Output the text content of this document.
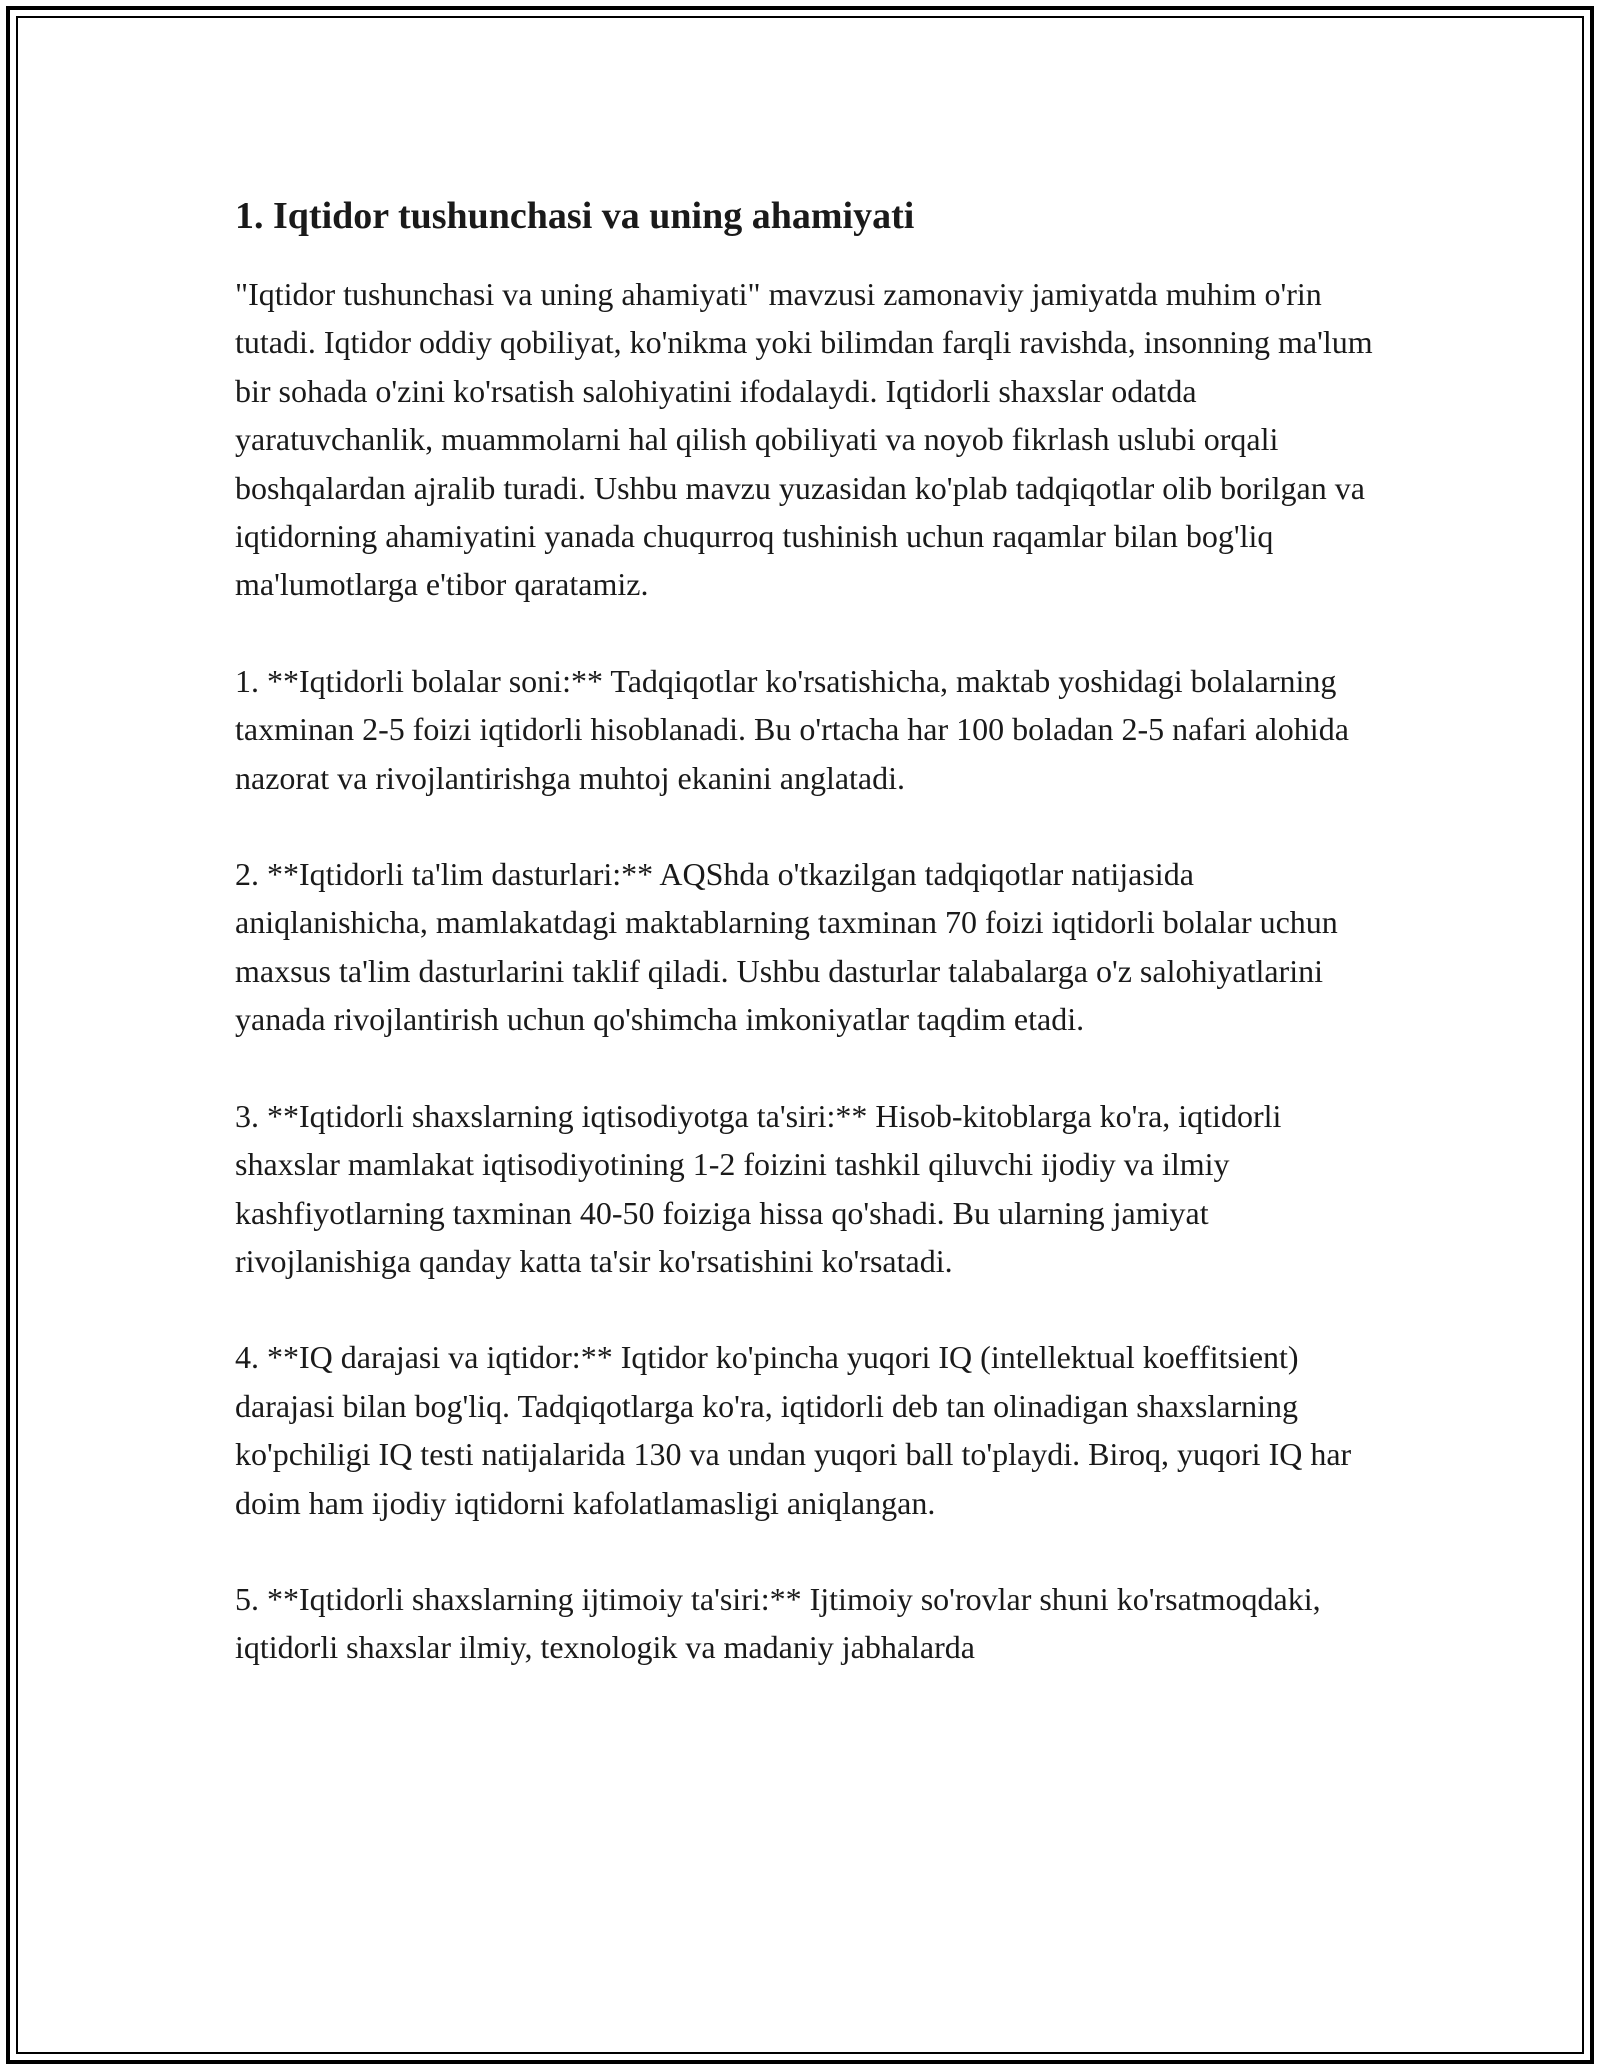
1. Iqtidor tushunchasi va uning ahamiyati

"Iqtidor tushunchasi va uning ahamiyati" mavzusi zamonaviy jamiyatda muhim o'rin tutadi. Iqtidor oddiy qobiliyat, ko'nikma yoki bilimdan farqli ravishda, insonning ma'lum bir sohada o'zini ko'rsatish salohiyatini ifodalaydi. Iqtidorli shaxslar odatda yaratuvchanlik, muammolarni hal qilish qobiliyati va noyob fikrlash uslubi orqali boshqalardan ajralib turadi. Ushbu mavzu yuzasidan ko'plab tadqiqotlar olib borilgan va iqtidorning ahamiyatini yanada chuqurroq tushinish uchun raqamlar bilan bog'liq ma'lumotlarga e'tibor qaratamiz.

1. **Iqtidorli bolalar soni:** Tadqiqotlar ko'rsatishicha, maktab yoshidagi bolalarning taxminan 2-5 foizi iqtidorli hisoblanadi. Bu o'rtacha har 100 boladan 2-5 nafari alohida nazorat va rivojlantirishga muhtoj ekanini anglatadi.

2. **Iqtidorli ta'lim dasturlari:** AQShda o'tkazilgan tadqiqotlar natijasida aniqlanishicha, mamlakatdagi maktablarning taxminan 70 foizi iqtidorli bolalar uchun maxsus ta'lim dasturlarini taklif qiladi. Ushbu dasturlar talabalarga o'z salohiyatlarini yanada rivojlantirish uchun qo'shimcha imkoniyatlar taqdim etadi.

3. **Iqtidorli shaxslarning iqtisodiyotga ta'siri:** Hisob-kitoblarga ko'ra, iqtidorli shaxslar mamlakat iqtisodiyotining 1-2 foizini tashkil qiluvchi ijodiy va ilmiy kashfiyotlarning taxminan 40-50 foiziga hissa qo'shadi. Bu ularning jamiyat rivojlanishiga qanday katta ta'sir ko'rsatishini ko'rsatadi.

4. **IQ darajasi va iqtidor:** Iqtidor ko'pincha yuqori IQ (intellektual koeffitsient) darajasi bilan bog'liq. Tadqiqotlarga ko'ra, iqtidorli deb tan olinadigan shaxslarning ko'pchiligi IQ testi natijalarida 130 va undan yuqori ball to'playdi. Biroq, yuqori IQ har doim ham ijodiy iqtidorni kafolatlamasligi aniqlangan.

5. **Iqtidorli shaxslarning ijtimoiy ta'siri:** Ijtimoiy so'rovlar shuni ko'rsatmoqdaki, iqtidorli shaxslar ilmiy, texnologik va madaniy jabhalarda
